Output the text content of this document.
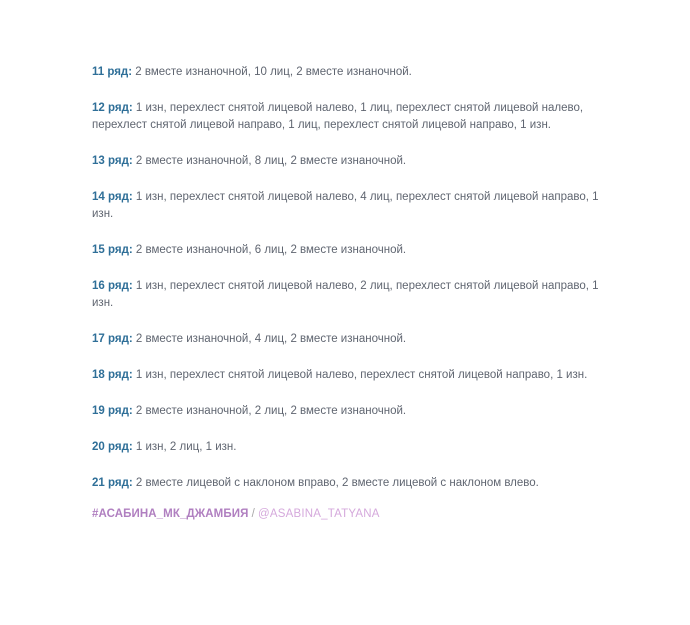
11 ряд: 2 вместе изнаночной, 10 лиц, 2 вместе изнаночной.

12 ряд: 1 изн, перехлест снятой лицевой налево, 1 лиц, перехлест снятой лицевой налево, перехлест снятой лицевой направо, 1 лиц, перехлест снятой лицевой направо, 1 изн.

13 ряд: 2 вместе изнаночной, 8 лиц, 2 вместе изнаночной.

14 ряд: 1 изн, перехлест снятой лицевой налево, 4 лиц, перехлест снятой лицевой направо, 1 изн.

15 ряд: 2 вместе изнаночной, 6 лиц, 2 вместе изнаночной.

16 ряд: 1 изн, перехлест снятой лицевой налево, 2 лиц, перехлест снятой лицевой направо, 1 изн.

17 ряд: 2 вместе изнаночной, 4 лиц, 2 вместе изнаночной.

18 ряд: 1 изн, перехлест снятой лицевой налево, перехлест снятой лицевой направо, 1 изн.

19 ряд: 2 вместе изнаночной, 2 лиц, 2 вместе изнаночной.

20 ряд: 1 изн, 2 лиц, 1 изн.

21 ряд: 2 вместе лицевой с наклоном вправо, 2 вместе лицевой с наклоном влево.

#АСАБИНА_МК_ДЖАМБИЯ / @ASABINA_TATYANA
